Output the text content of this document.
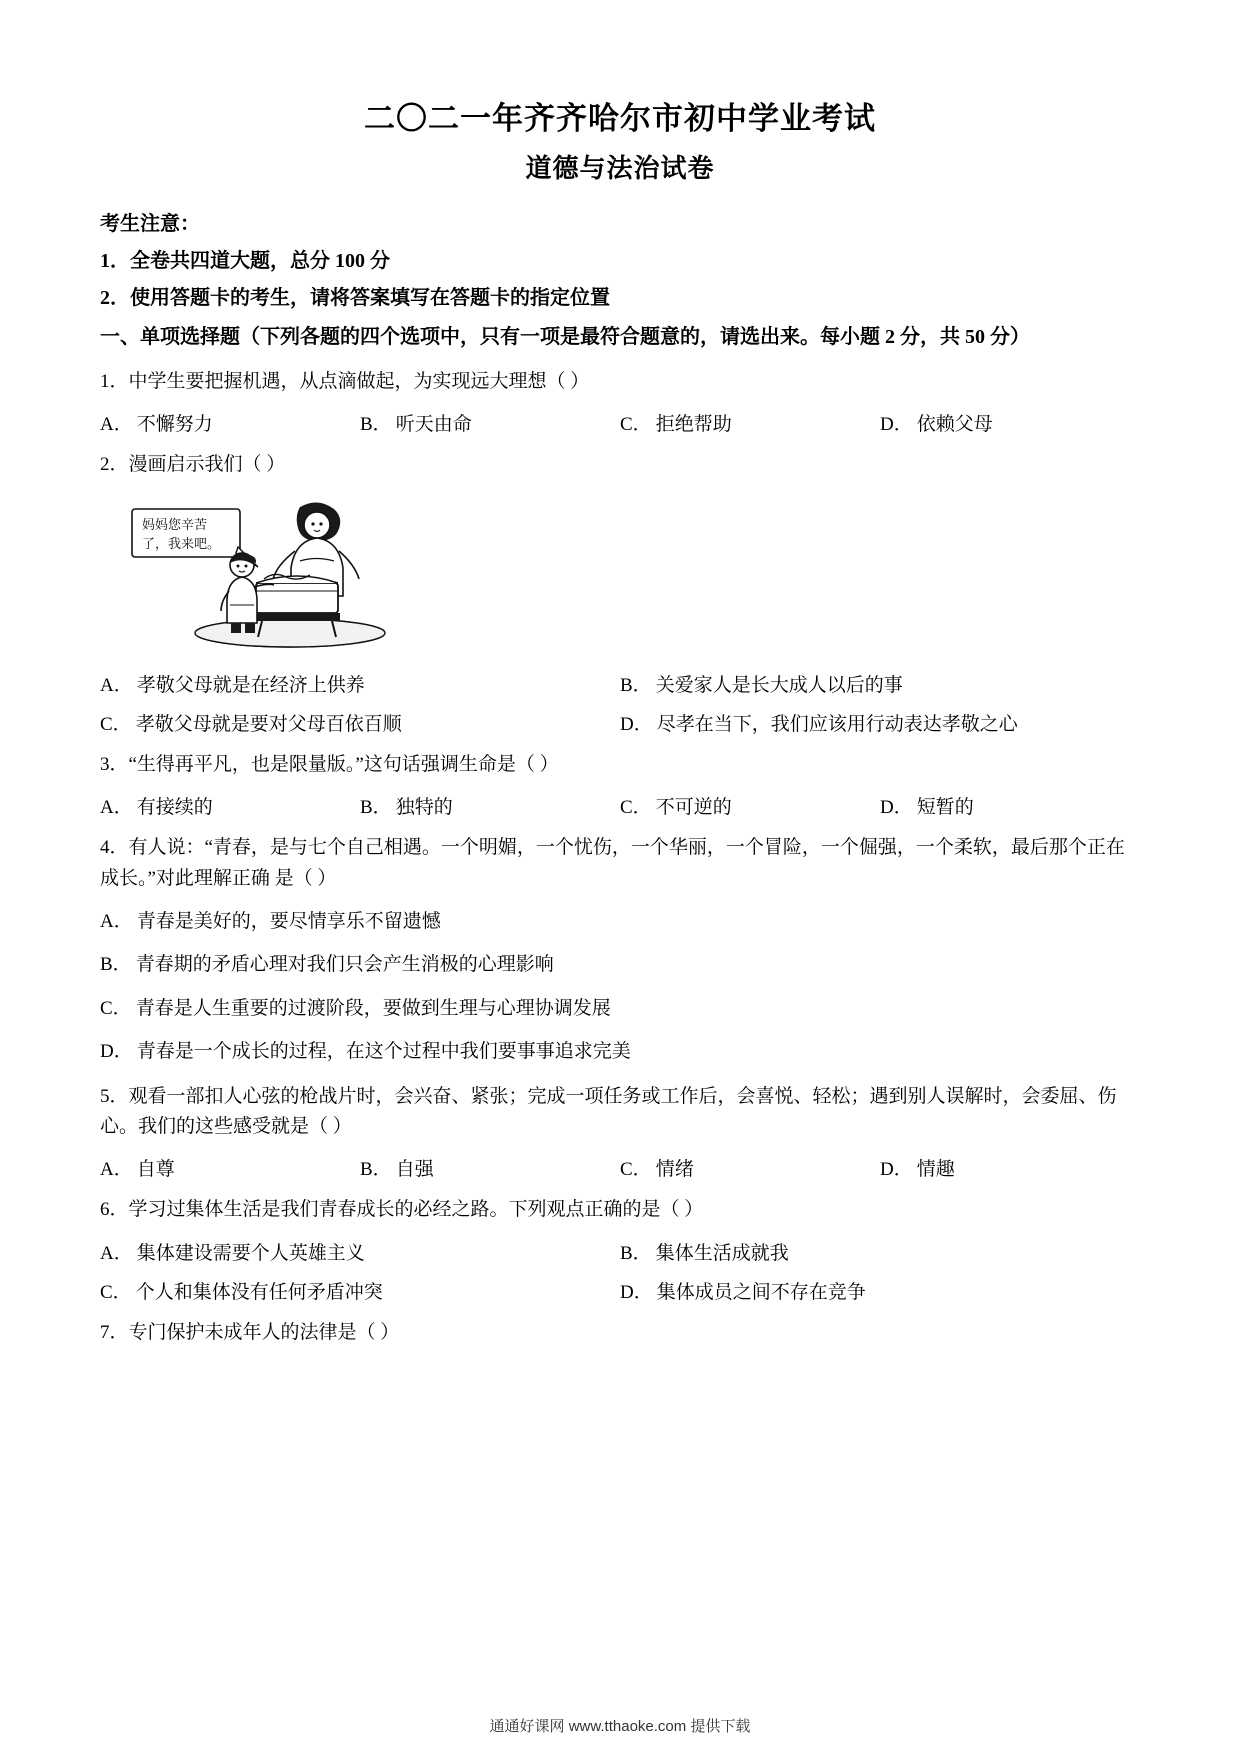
二〇二一年齐齐哈尔市初中学业考试
道德与法治试卷
考生注意：
1．全卷共四道大题，总分 100 分
2．使用答题卡的考生，请将答案填写在答题卡的指定位置
一、单项选择题（下列各题的四个选项中，只有一项是最符合题意的，请选出来。每小题 2 分，共 50 分）
1．中学生要把握机遇，从点滴做起，为实现远大理想（ ）
A． 不懈努力	B． 听天由命	C． 拒绝帮助	D． 依赖父母
2．漫画启示我们（ ）
妈妈您辛苦
了，我来吧。
A． 孝敬父母就是在经济上供养	B． 关爱家人是长大成人以后的事
C． 孝敬父母就是要对父母百依百顺	D． 尽孝在当下，我们应该用行动表达孝敬之心
3．“生得再平凡，也是限量版。”这句话强调生命是（ ）
A． 有接续的	B． 独特的	C． 不可逆的	D． 短暂的
4．有人说：“青春，是与七个自己相遇。一个明媚，一个忧伤，一个华丽，一个冒险，一个倔强，一个柔软，最后那个正在成长。”对此理解正确 是（ ）
A． 青春是美好的，要尽情享乐不留遗憾
B． 青春期的矛盾心理对我们只会产生消极的心理影响
C． 青春是人生重要的过渡阶段，要做到生理与心理协调发展
D． 青春是一个成长的过程，在这个过程中我们要事事追求完美
5．观看一部扣人心弦的枪战片时，会兴奋、紧张；完成一项任务或工作后，会喜悦、轻松；遇到别人误解时，会委屈、伤心。我们的这些感受就是（ ）
A． 自尊	B． 自强	C． 情绪	D． 情趣
6．学习过集体生活是我们青春成长的必经之路。下列观点正确的是（ ）
A． 集体建设需要个人英雄主义	B． 集体生活成就我
C． 个人和集体没有任何矛盾冲突	D． 集体成员之间不存在竞争
7．专门保护未成年人的法律是（ ）
通通好课网 www.tthaoke.com 提供下载
